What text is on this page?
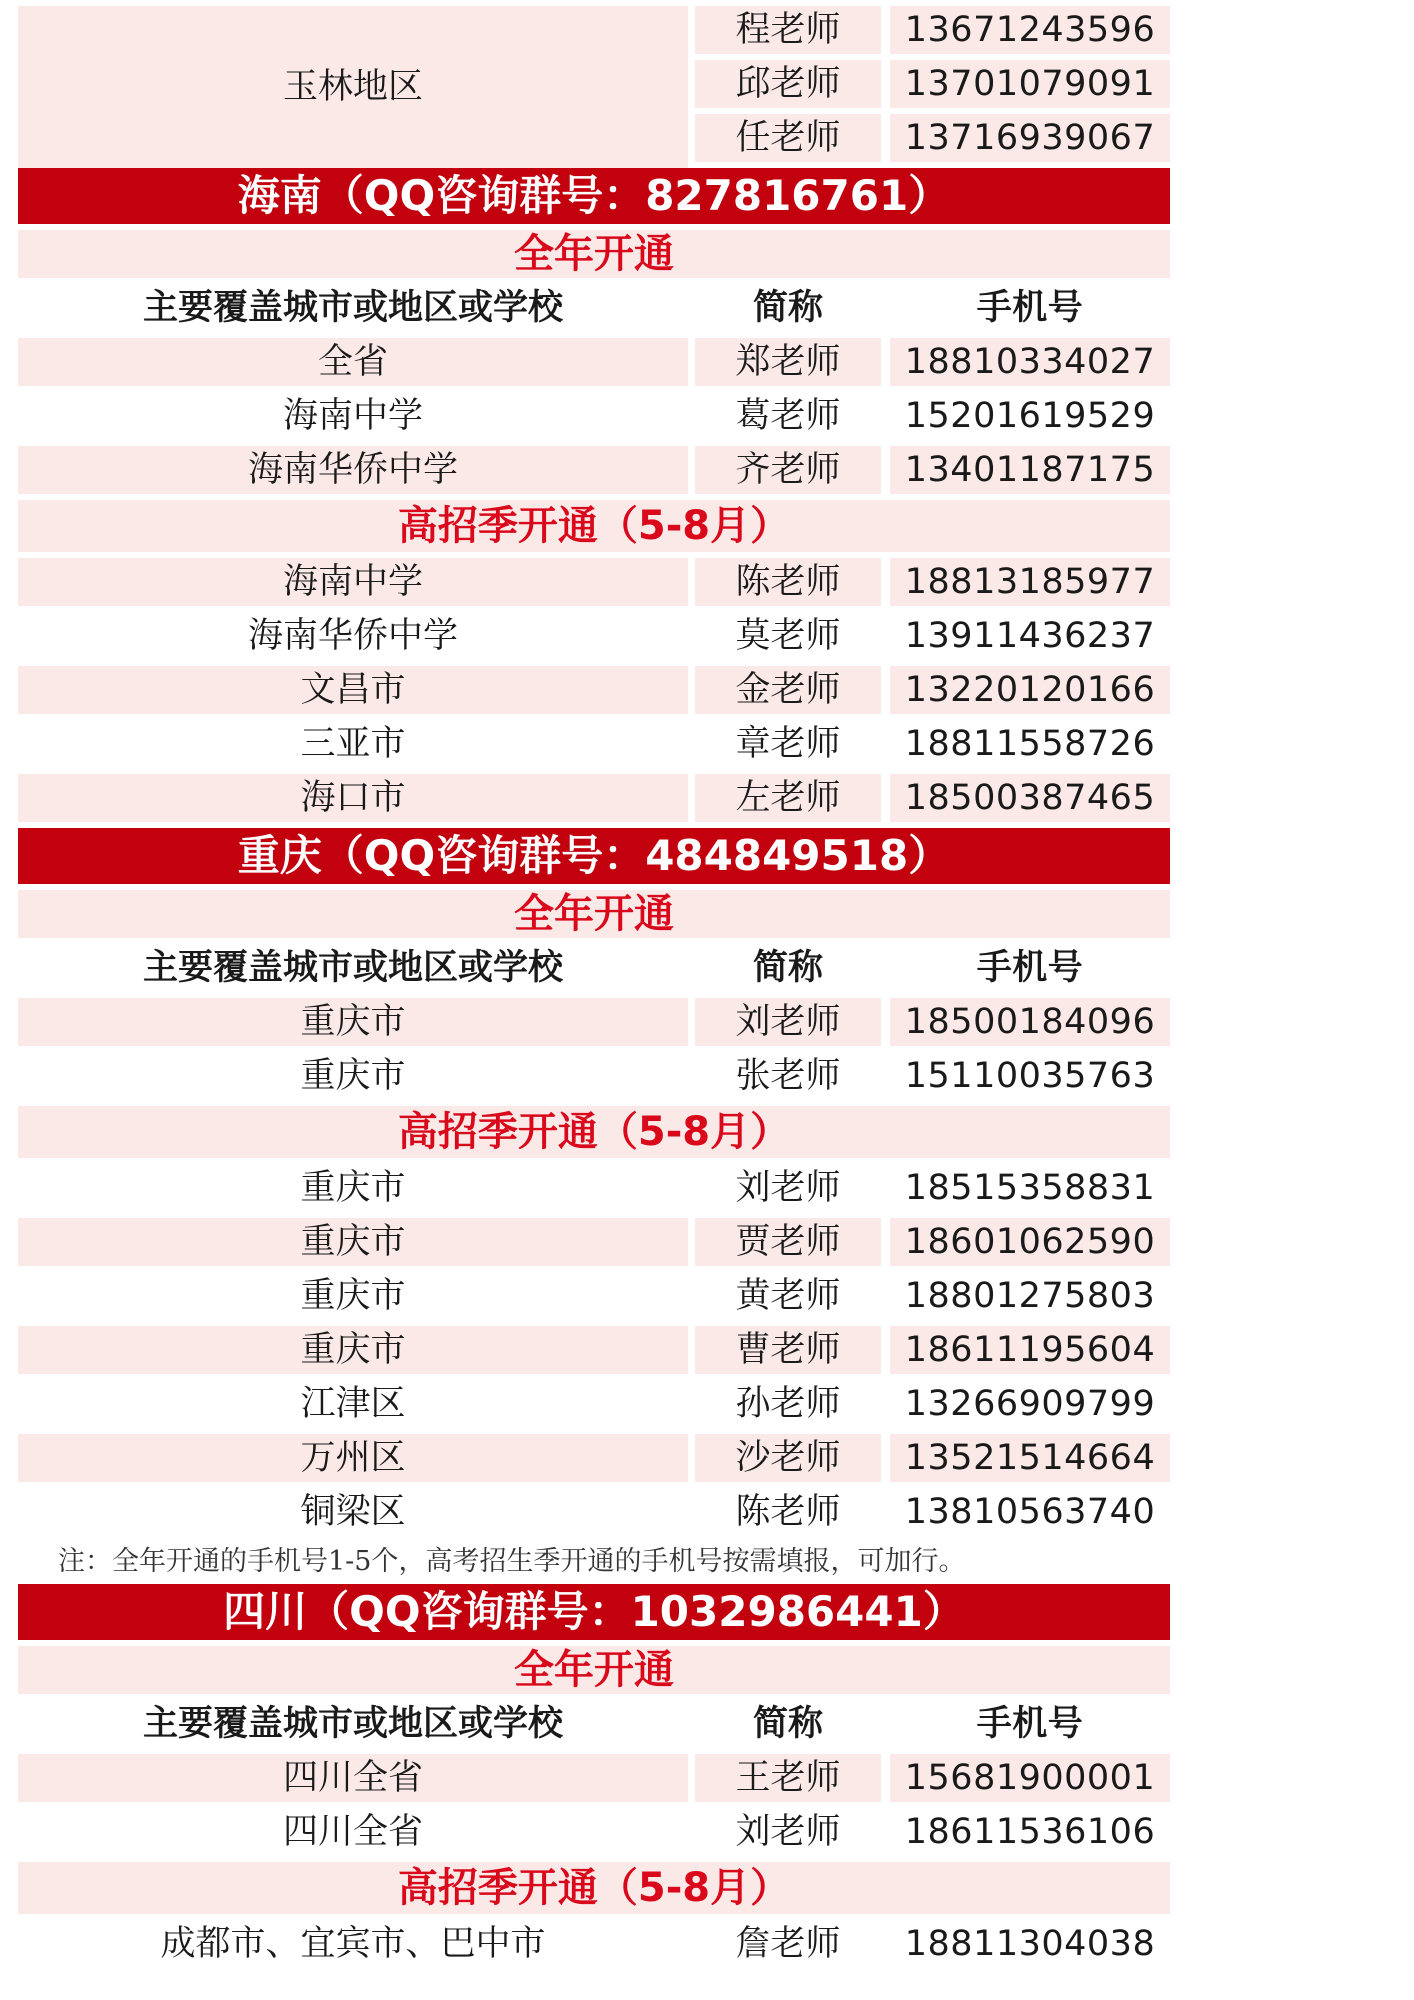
玉林地区
程老师	13671243596
邱老师	13701079091
任老师	13716939067
海南（QQ咨询群号：827816761）
全年开通
主要覆盖城市或地区或学校	简称	手机号
全省	郑老师	18810334027
海南中学	葛老师	15201619529
海南华侨中学	齐老师	13401187175
高招季开通（5-8月）
海南中学	陈老师	18813185977
海南华侨中学	莫老师	13911436237
文昌市	金老师	13220120166
三亚市	章老师	18811558726
海口市	左老师	18500387465
重庆（QQ咨询群号：484849518）
全年开通
主要覆盖城市或地区或学校	简称	手机号
重庆市	刘老师	18500184096
重庆市	张老师	15110035763
高招季开通（5-8月）
重庆市	刘老师	18515358831
重庆市	贾老师	18601062590
重庆市	黄老师	18801275803
重庆市	曹老师	18611195604
江津区	孙老师	13266909799
万州区	沙老师	13521514664
铜梁区	陈老师	13810563740
注：全年开通的手机号1-5个，高考招生季开通的手机号按需填报，可加行。
四川（QQ咨询群号：1032986441）
全年开通
主要覆盖城市或地区或学校	简称	手机号
四川全省	王老师	15681900001
四川全省	刘老师	18611536106
高招季开通（5-8月）
成都市、宜宾市、巴中市	詹老师	18811304038
